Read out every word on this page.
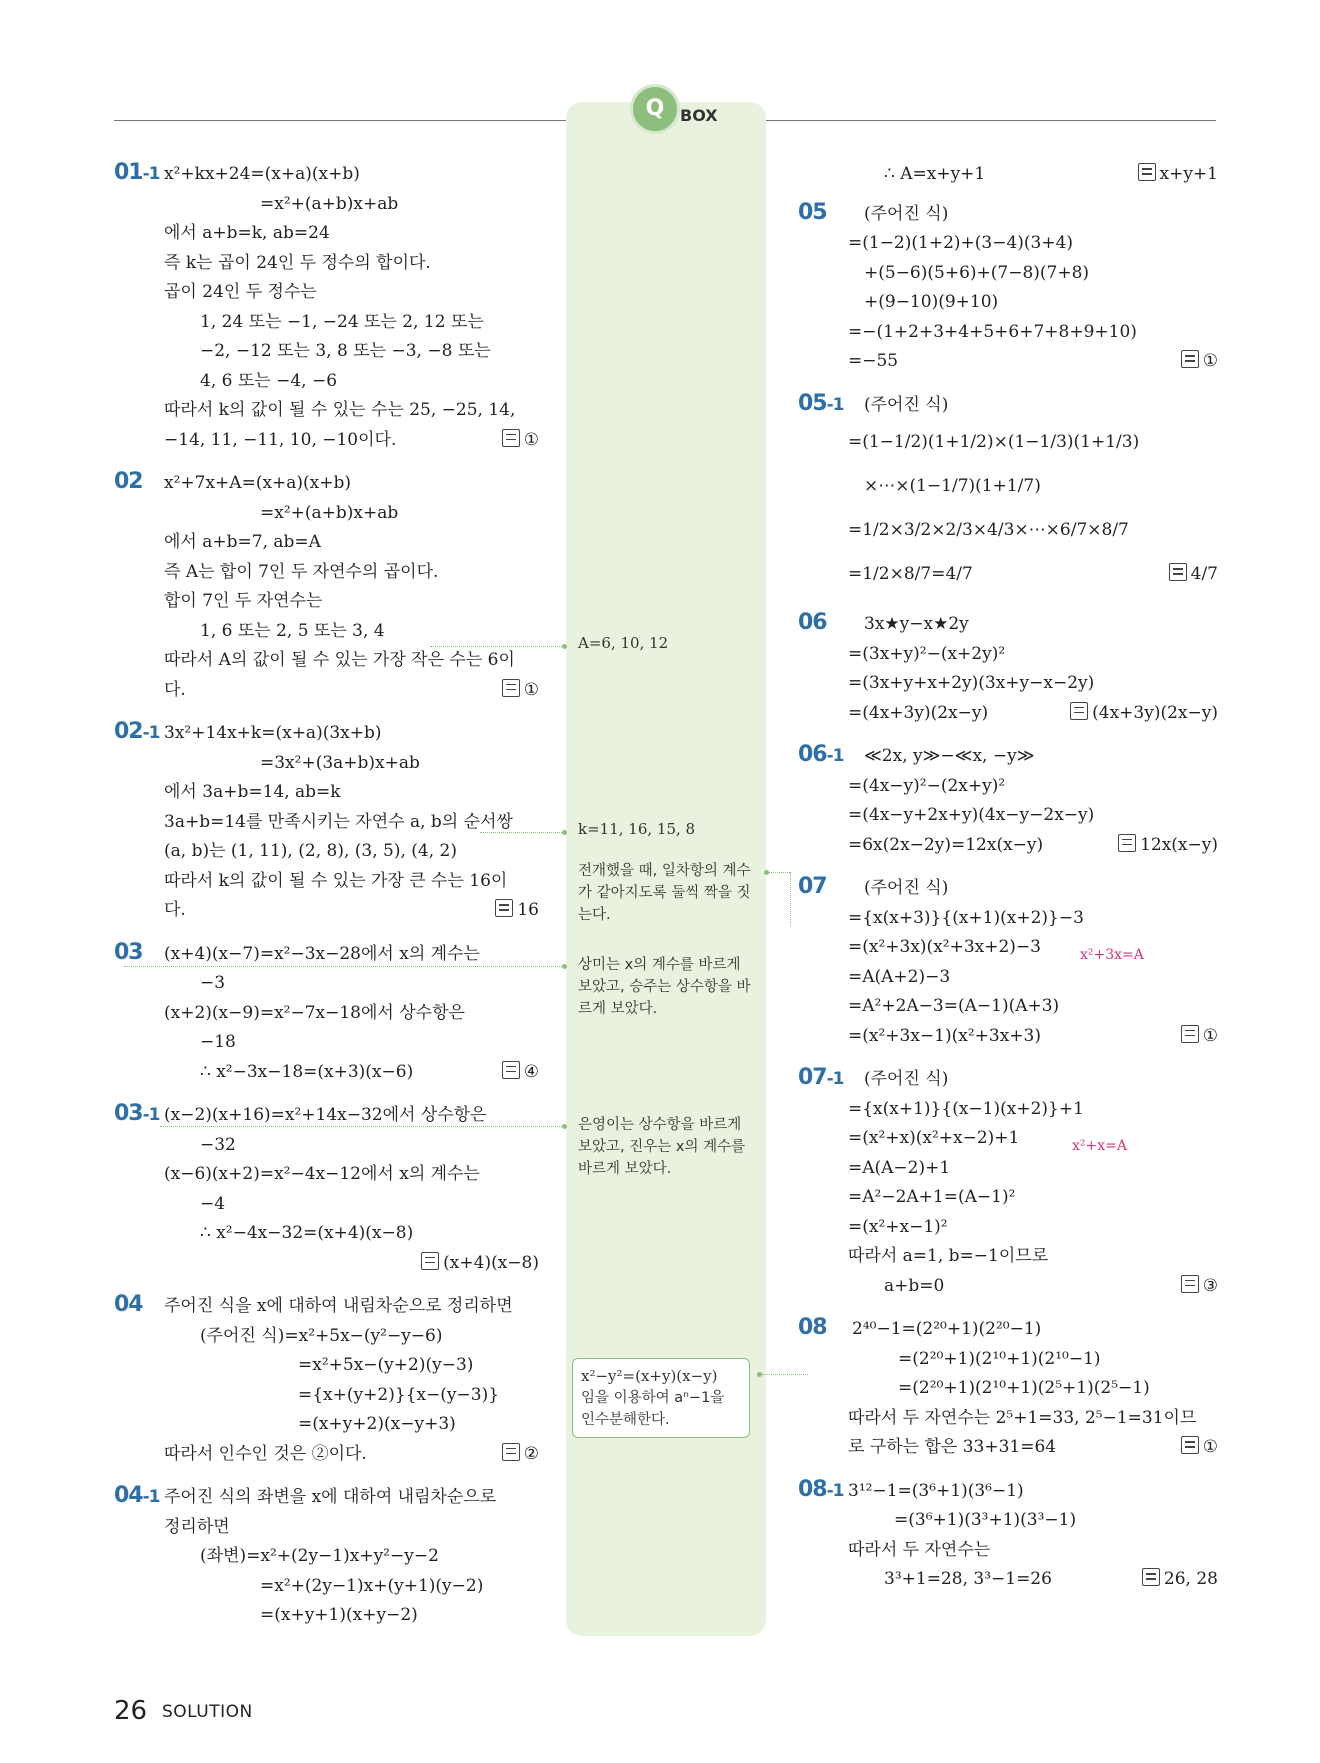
Q BOX
01-1 x²+kx+24=(x+a)(x+b)
=x²+(a+b)x+ab
에서 a+b=k, ab=24
즉 k는 곱이 24인 두 정수의 합이다.
곱이 24인 두 정수는
1, 24 또는 −1, −24 또는 2, 12 또는
−2, −12 또는 3, 8 또는 −3, −8 또는
4, 6 또는 −4, −6
따라서 k의 값이 될 수 있는 수는 25, −25, 14,
−14, 11, −11, 10, −10이다.	①
02 x²+7x+A=(x+a)(x+b)
=x²+(a+b)x+ab
에서 a+b=7, ab=A
즉 A는 합이 7인 두 자연수의 곱이다.
합이 7인 두 자연수는
1, 6 또는 2, 5 또는 3, 4
따라서 A의 값이 될 수 있는 가장 작은 수는 6이
다.	①
02-1 3x²+14x+k=(x+a)(3x+b)
=3x²+(3a+b)x+ab
에서 3a+b=14, ab=k
3a+b=14를 만족시키는 자연수 a, b의 순서쌍
(a, b)는 (1, 11), (2, 8), (3, 5), (4, 2)
따라서 k의 값이 될 수 있는 가장 큰 수는 16이
다.	16
03 (x+4)(x−7)=x²−3x−28에서 x의 계수는
−3
(x+2)(x−9)=x²−7x−18에서 상수항은
−18
∴ x²−3x−18=(x+3)(x−6)	④
03-1 (x−2)(x+16)=x²+14x−32에서 상수항은
−32
(x−6)(x+2)=x²−4x−12에서 x의 계수는
−4
∴ x²−4x−32=(x+4)(x−8)
(x+4)(x−8)
04 주어진 식을 x에 대하여 내림차순으로 정리하면
(주어진 식)=x²+5x−(y²−y−6)
=x²+5x−(y+2)(y−3)
={x+(y+2)}{x−(y−3)}
=(x+y+2)(x−y+3)
따라서 인수인 것은 ②이다.	②
04-1 주어진 식의 좌변을 x에 대하여 내림차순으로
정리하면
(좌변)=x²+(2y−1)x+y²−y−2
=x²+(2y−1)x+(y+1)(y−2)
=(x+y+1)(x+y−2)
A=6, 10, 12
k=11, 16, 15, 8
전개했을 때, 일차항의 계수가 같아지도록 둘씩 짝을 짓는다.
상미는 x의 계수를 바르게 보았고, 승주는 상수항을 바르게 보았다.
은영이는 상수항을 바르게 보았고, 진우는 x의 계수를 바르게 보았다.
x²−y²=(x+y)(x−y)
임을 이용하여 aⁿ−1을
인수분해한다.
∴ A=x+y+1	x+y+1
05	(주어진 식)
=(1−2)(1+2)+(3−4)(3+4)
+(5−6)(5+6)+(7−8)(7+8)
+(9−10)(9+10)
=−(1+2+3+4+5+6+7+8+9+10)
=−55	①
05-1	(주어진 식)
=(1−1/2)(1+1/2)×(1−1/3)(1+1/3)
×⋯×(1−1/7)(1+1/7)
=1/2×3/2×2/3×4/3×⋯×6/7×8/7
=1/2×8/7=4/7	4/7
06	3x★y−x★2y
=(3x+y)²−(x+2y)²
=(3x+y+x+2y)(3x+y−x−2y)
=(4x+3y)(2x−y)	(4x+3y)(2x−y)
06-1	≪2x, y≫−≪x, −y≫
=(4x−y)²−(2x+y)²
=(4x−y+2x+y)(4x−y−2x−y)
=6x(2x−2y)=12x(x−y)	12x(x−y)
07	(주어진 식)
={x(x+3)}{(x+1)(x+2)}−3
=(x²+3x)(x²+3x+2)−3	x²+3x=A
=A(A+2)−3
=A²+2A−3=(A−1)(A+3)
=(x²+3x−1)(x²+3x+3)	①
07-1	(주어진 식)
={x(x+1)}{(x−1)(x+2)}+1
=(x²+x)(x²+x−2)+1	x²+x=A
=A(A−2)+1
=A²−2A+1=(A−1)²
=(x²+x−1)²
따라서 a=1, b=−1이므로
a+b=0	③
08 2⁴⁰−1=(2²⁰+1)(2²⁰−1)
=(2²⁰+1)(2¹⁰+1)(2¹⁰−1)
=(2²⁰+1)(2¹⁰+1)(2⁵+1)(2⁵−1)
따라서 두 자연수는 2⁵+1=33, 2⁵−1=31이므
로 구하는 합은 33+31=64	①
08-1 3¹²−1=(3⁶+1)(3⁶−1)
=(3⁶+1)(3³+1)(3³−1)
따라서 두 자연수는
3³+1=28, 3³−1=26	26, 28
26 SOLUTION
